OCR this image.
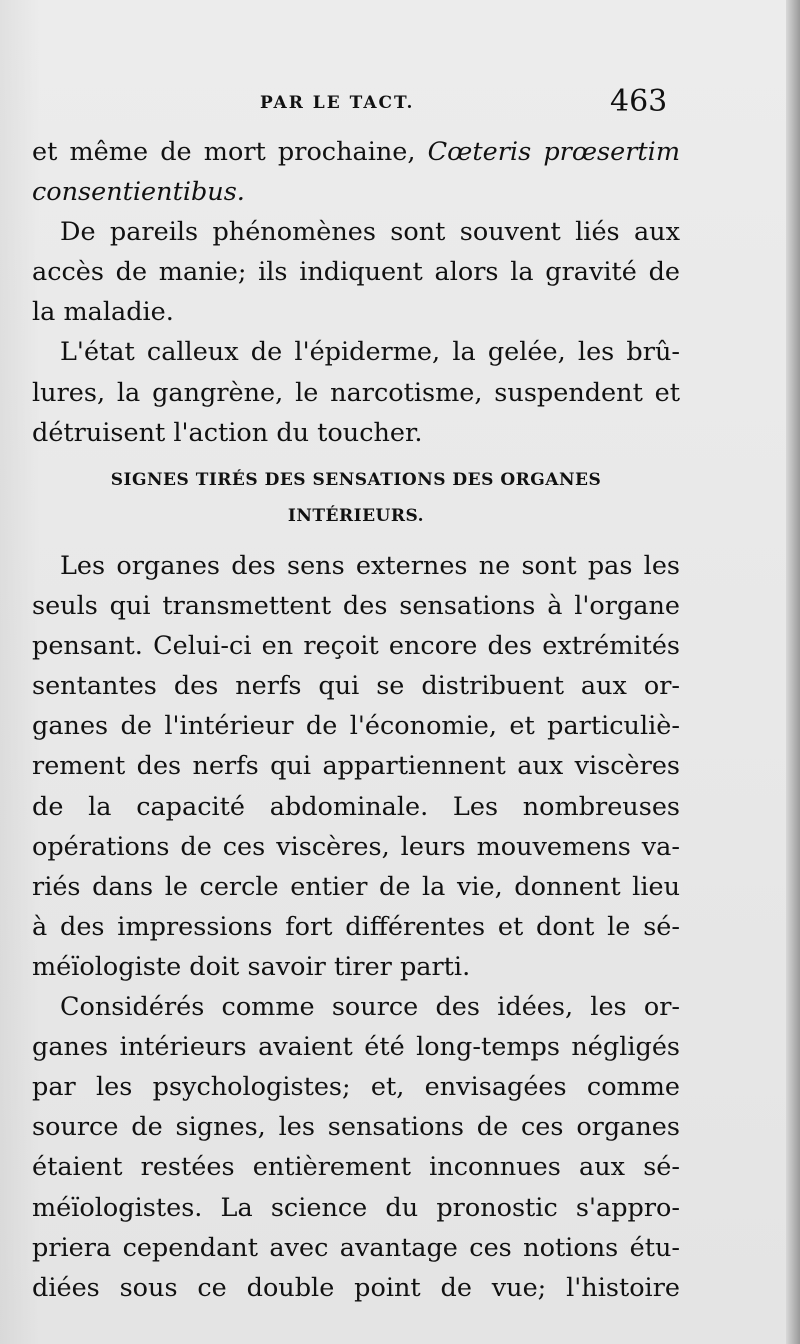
PAR LE TACT.	463
et même de mort prochaine, Cœteris prœsertim
consentientibus.
De pareils phénomènes sont souvent liés aux
accès de manie; ils indiquent alors la gravité de
la maladie.
L'état calleux de l'épiderme, la gelée, les brû-
lures, la gangrène, le narcotisme, suspendent et
détruisent l'action du toucher.
SIGNES TIRÉS DES SENSATIONS DES ORGANES
INTÉRIEURS.
Les organes des sens externes ne sont pas les
seuls qui transmettent des sensations à l'organe
pensant. Celui-ci en reçoit encore des extrémités
sentantes des nerfs qui se distribuent aux or-
ganes de l'intérieur de l'économie, et particuliè-
rement des nerfs qui appartiennent aux viscères
de la capacité abdominale. Les nombreuses
opérations de ces viscères, leurs mouvemens va-
riés dans le cercle entier de la vie, donnent lieu
à des impressions fort différentes et dont le sé-
méïologiste doit savoir tirer parti.
Considérés comme source des idées, les or-
ganes intérieurs avaient été long-temps négligés
par les psychologistes; et, envisagées comme
source de signes, les sensations de ces organes
étaient restées entièrement inconnues aux sé-
méïologistes. La science du pronostic s'appro-
priera cependant avec avantage ces notions étu-
diées sous ce double point de vue; l'histoire
